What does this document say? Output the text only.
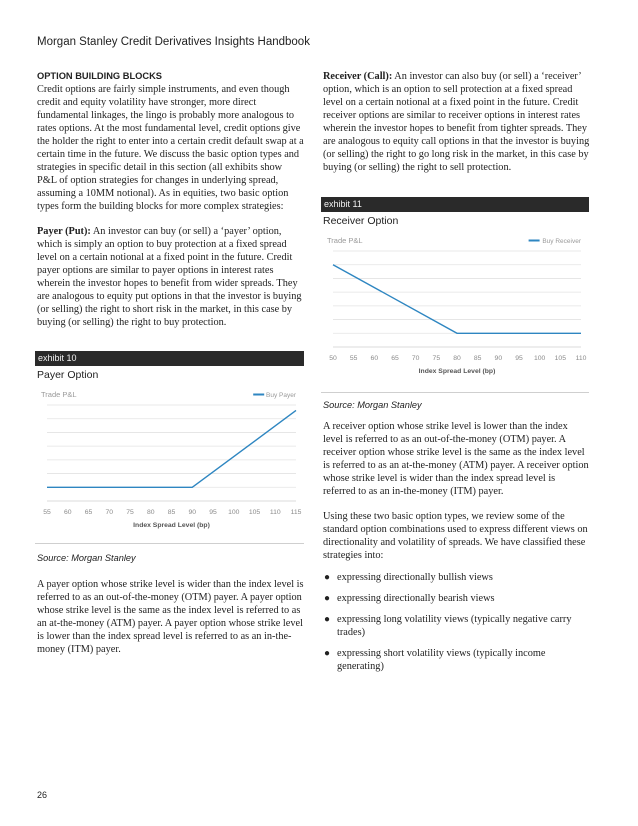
Morgan Stanley Credit Derivatives Insights Handbook
OPTION BUILDING BLOCKS

Credit options are fairly simple instruments, and even though credit and equity volatility have stronger, more direct fundamental linkages, the lingo is probably more analogous to rates options. At the most fundamental level, credit options give the holder the right to enter into a certain credit default swap at a certain time in the future. We discuss the basic option types and strategies in specific detail in this section (all exhibits show P&L of option strategies for changes in underlying spread, assuming a 10MM notional). As in equities, two basic option types form the building blocks for more complex strategies:

Payer (Put): An investor can buy (or sell) a ‘payer’ option, which is simply an option to buy protection at a fixed spread level on a certain notional at a fixed point in the future. Credit payer options are similar to payer options in interest rates wherein the investor hopes to benefit from wider spreads. They are analogous to equity put options in that the investor is buying (or selling) the right to short risk in the market, in this case by buying (or selling) the right to buy protection.

exhibit 10
Payer Option
Trade P&L	Buy Payer
55 60 65 70 75 80 85 90 95 100 105 110 115
Index Spread Level (bp)
Source: Morgan Stanley

A payer option whose strike level is wider than the index level is referred to as an out-of-the-money (OTM) payer. A payer option whose strike level is the same as the index level is referred to as an at-the-money (ATM) payer. A payer option whose strike level is lower than the index spread level is referred to as an in-the-money (ITM) payer.

Receiver (Call): An investor can also buy (or sell) a ‘receiver’ option, which is an option to sell protection at a fixed spread level on a certain notional at a fixed point in the future. Credit receiver options are similar to receiver options in interest rates wherein the investor hopes to benefit from tighter spreads. They are analogous to equity call options in that the investor is buying (or selling) the right to go long risk in the market, in this case by buying (or selling) the right to sell protection.

exhibit 11
Receiver Option
Trade P&L	Buy Receiver
50 55 60 65 70 75 80 85 90 95 100 105 110
Index Spread Level (bp)
Source: Morgan Stanley

A receiver option whose strike level is lower than the index level is referred to as an out-of-the-money (OTM) payer. A receiver option whose strike level is the same as the index level is referred to as an at-the-money (ATM) payer. A receiver option whose strike level is wider than the index spread level is referred to as an in-the-money (ITM) payer.

Using these two basic option types, we review some of the standard option combinations used to express different views on directionality and volatility of spreads. We have classified these strategies into:

● expressing directionally bullish views
● expressing directionally bearish views
● expressing long volatility views (typically negative carry trades)
● expressing short volatility views (typically income generating)
26
